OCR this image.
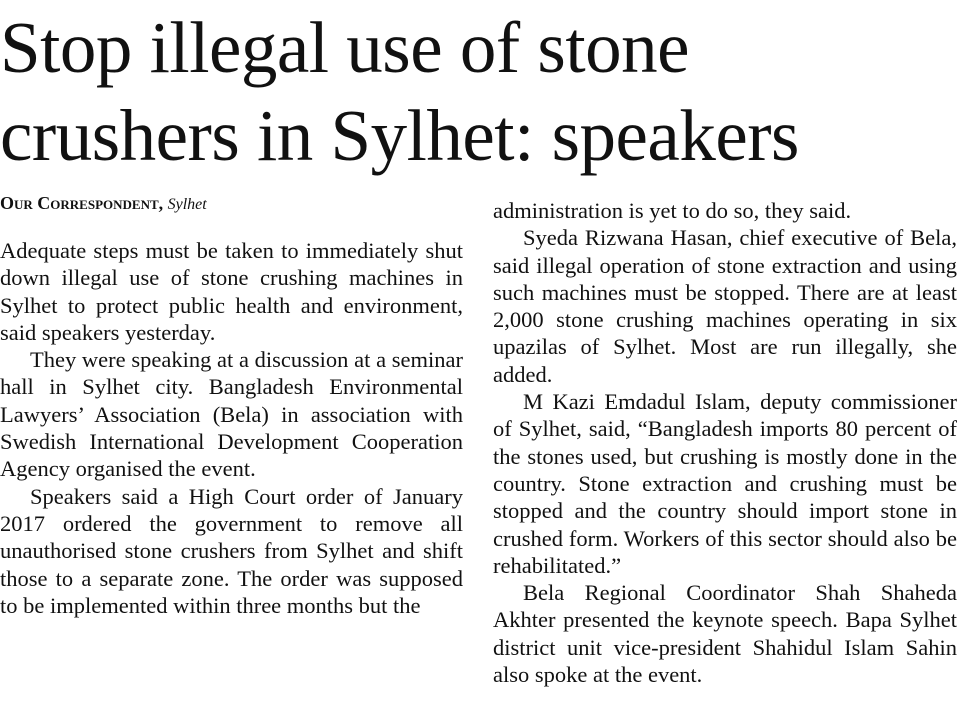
Stop illegal use of stone
crushers in Sylhet: speakers
Our Correspondent, Sylhet

Adequate steps must be taken to immediately shut down illegal use of stone crushing machines in Sylhet to protect public health and environment, said speakers yesterday.

They were speaking at a discussion at a seminar hall in Sylhet city. Bangladesh Environmental Lawyers’ Association (Bela) in association with Swedish International Development Cooperation Agency organised the event.

Speakers said a High Court order of January 2017 ordered the government to remove all unauthorised stone crushers from Sylhet and shift those to a separate zone. The order was supposed to be implemented within three months but the

administration is yet to do so, they said.

Syeda Rizwana Hasan, chief executive of Bela, said illegal operation of stone extraction and using such machines must be stopped. There are at least 2,000 stone crushing machines operating in six upazilas of Sylhet. Most are run illegally, she added.

M Kazi Emdadul Islam, deputy commissioner of Sylhet, said, “Bangladesh imports 80 percent of the stones used, but crushing is mostly done in the country. Stone extraction and crushing must be stopped and the country should import stone in crushed form. Workers of this sector should also be rehabilitated.”

Bela Regional Coordinator Shah Shaheda Akhter presented the keynote speech. Bapa Sylhet district unit vice-president Shahidul Islam Sahin also spoke at the event.
